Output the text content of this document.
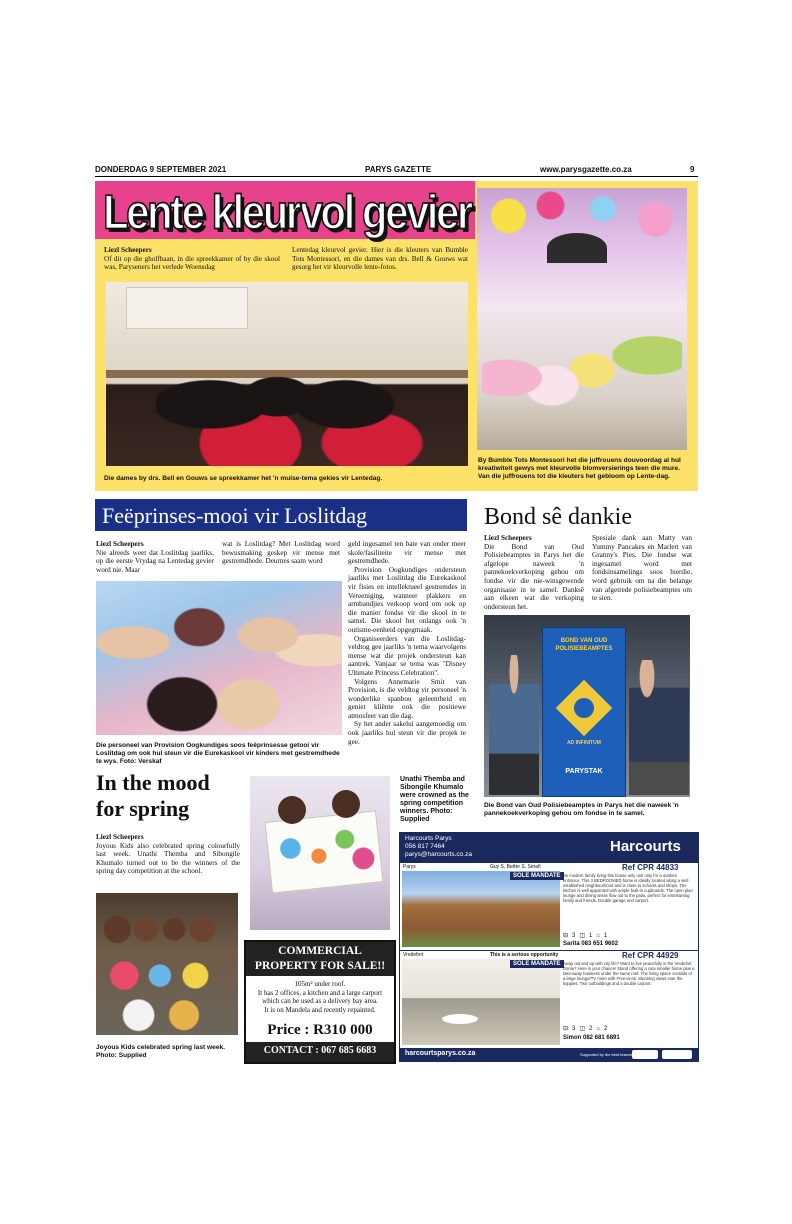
DONDERDAG 9 SEPTEMBER 2021	PARYS GAZETTE	www.parysgazette.co.za	9
Lente kleurvol gevier
Liezl Scheepers
Of dit op die gholfbaan, in die spreekkamer of by die skool was, Paryseners het verlede Woensdag
Lentedag kleurvol gevier. Hier is die kleuters van Bumble Tots Montessori, en die dames van drs. Bell & Gouws wat gesorg het vir kleurvolle lente-fotos.
Die dames by drs. Bell en Gouws se spreekkamer het 'n muise-tema gekies vir Lentedag.
By Bumble Tots Montessori het die juffrouens douvoordag al hul kreatiwiteit gewys met kleurvolle blomversierings teen die mure. Van die juffrouens tot die kleuters het gebloom op Lente-dag.
Feëprinses-mooi vir Loslitdag
Liezl Scheepers
Nie alreeds weet dat Loslitdag jaarliks, op die eerste Vrydag na Lentedag gevier word nie. Maar
wat is Loslitdag? Met Loslitdag word bewusmaking geskep vir mense met gestremdhede. Deurnes saam word

geld ingesamel ten bate van onder meer skole/fasiliteite vir mense met gestremdhede.

Provision Oogkundiges ondersteun jaarliks met Loslitdag die Eurekaskool vir fisies en intellektueel gestremdes in Vereeniging, wanneer plakkers en armbandjies verkoop word om ook op die manier fondse vir die skool in te samel. Die skool het onlangs ook 'n outisme-eenheid opgegmaak.

Organiseerders van die Loslitdag-veldtog gee jaarliks 'n tema waarvolgens mense wat die projek ondersteun kan aantrek. Vanjaar se tema was "Disney Ultimate Princess Celebration".

Volgens Annemarie Smit van Provision, is die veldtog vir personeel 'n wonderlike spanbou geleentheid en geniet kliënte ook die positiewe atmosfeer van die dag.

Sy het ander sakelui aangemoedig om ook jaarliks hul steun vir die projek te gee.

Die personeel van Provision Oogkundiges soos feëprinsesse getooi vir Loslitdag om ook hul steun vir die Eurekaskool vir kinders met gestremdhede te wys. Foto: Verskaf
Bond sê dankie
Liezl Scheepers
Die Bond van Oud Polisiebeamptes in Parys het die afgelope naweek 'n pannekoekverkoping gehou om fondse vir die nie-winsgewende organisasie in te samel. Danksê aan elkeen wat die verkoping ondersteun het.
Spesiale dank aan Matty van Yummy Pancakes en Marlett van Granny's Pies. Die fondse wat ingesamel word met fondsinsamelings soos hierdie, word gebruik om na die belange van afgetrede polisiebeamptes om te sien.
BOND VAN OUD
POLISIEBEAMPTES
AD INFINITUM
PARYSTAK
Die Bond van Oud Polisiebeamptes in Parys het die naweek 'n pannekoekverkoping gehou om fondse in te samel.
In the mood
for spring
Liezl Scheepers
Joyous Kids also celebrated spring colourfully last week. Unathi Themba and Sibongile Khumalo turned out to be the winners of the spring day competition at the school.
Unathi Themba and Sibongile Khumalo were crowned as the spring competition winners. Photo: Supplied
Joyous Kids celebrated spring last week. Photo: Supplied
COMMERCIAL
PROPERTY FOR SALE!!
105m² under roof.
It has 2 offices, a kitchen and a large carport which can be used as a delivery bay area.
It is on Mandela and recently repainted.
Price : R310 000
CONTACT : 067 685 6683
Harcourts Parys
056 817 7464
parys@harcourts.co.za	Harcourts
Parys	Guy S, Better S, Serafi	Ref CPR 44833
SOLE MANDATE Be modern family living this house only unit only for a outdoor entrance. This 3 BEDROOMED home is ideally located along a well established neighbourhood and is close to schools and shops. The kitchen is well appointed with ample built-in cupboards. The open plan lounge and dining areas flow out to the patio, perfect for entertaining family and friends. Double garage and carport.
⊟ 3 ◫ 1 ⌂ 1
Sarita 083 651 9602
Vredefort	This is a serious opportunity	Ref CPR 44929
SOLE MANDATE Away out and up with city life? Want to live peacefully in the Vredefort Dome? Here is your chance! Stand offering a cute smaller home plus a take-away business under the same roof. The living space consists of a large lounge/TV room with Free-to-air. Stunning views over the koppies. Two outbuildings and a double carport.
⊟ 3 ◫ 2 ⌂ 2
Simon 082 681 6891
harcourtsparys.co.za	Supported by the best brands
